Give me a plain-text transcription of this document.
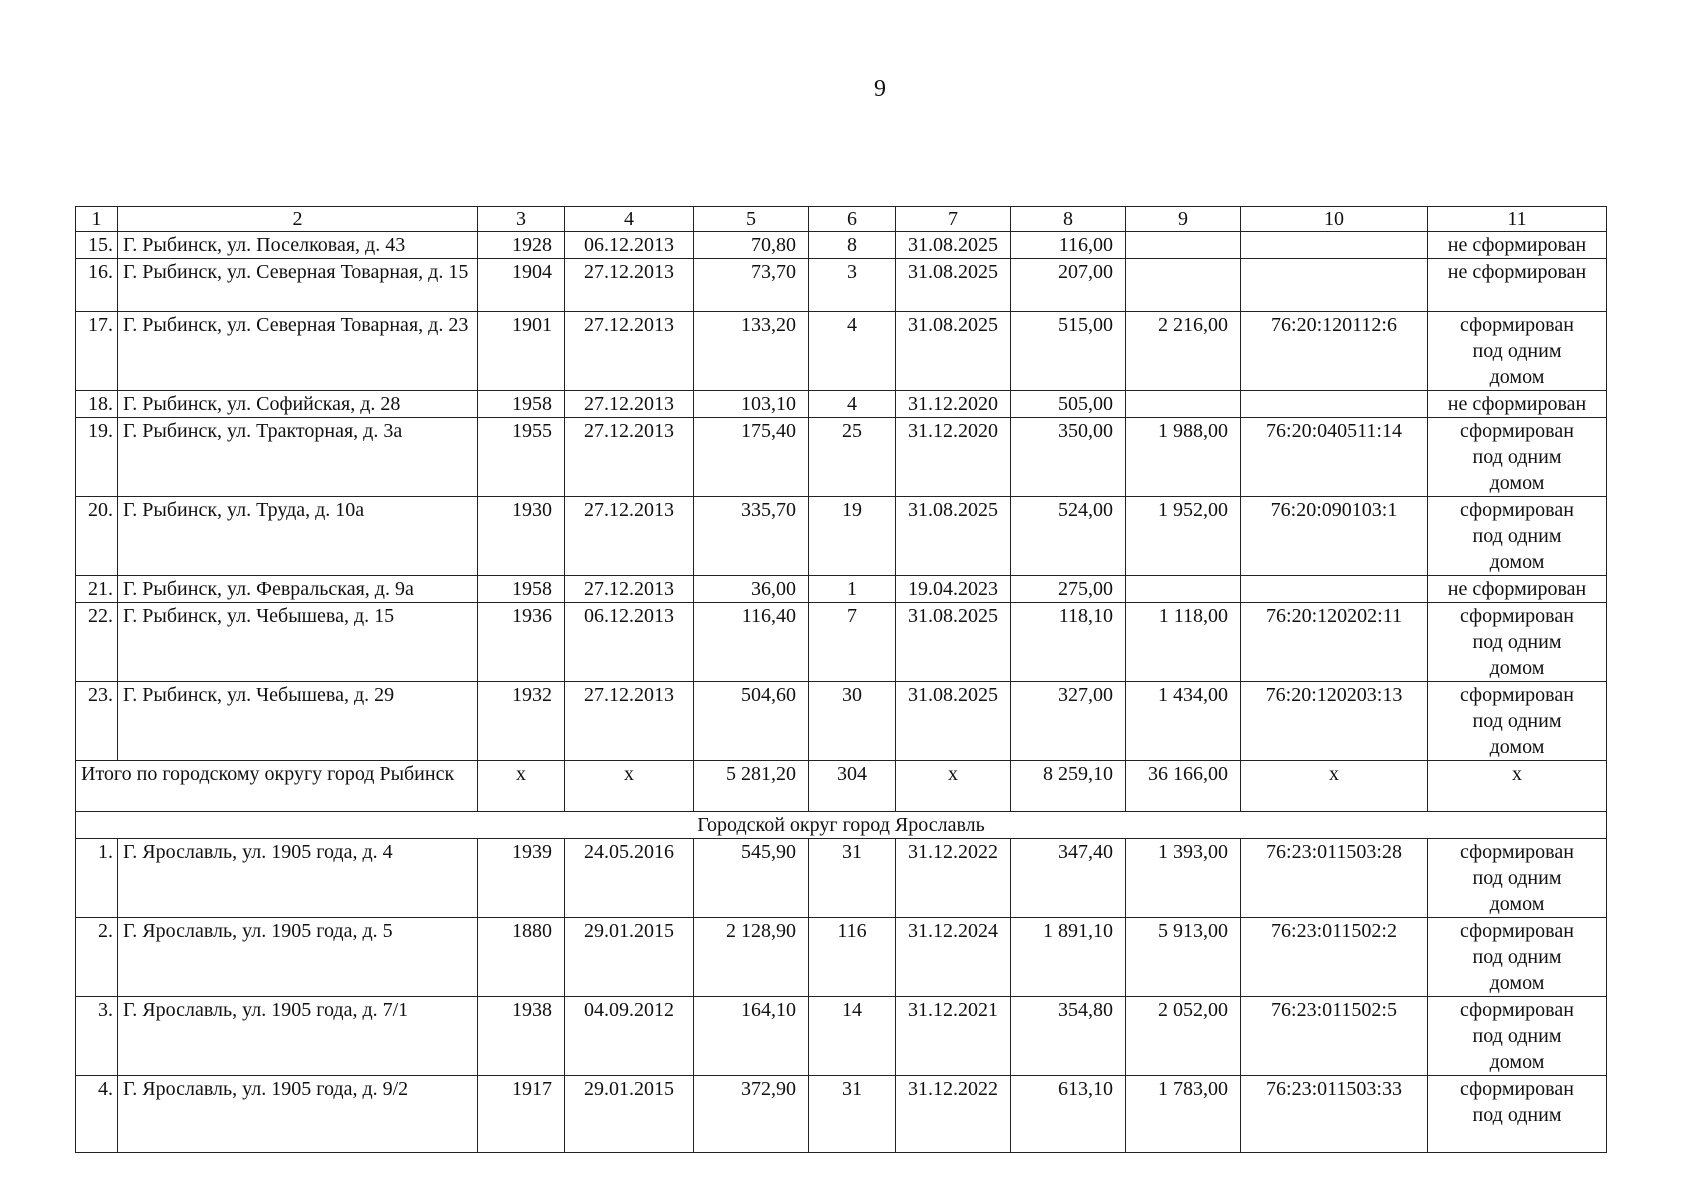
9
1	2	3	4	5	6	7	8	9	10	11
15.	Г. Рыбинск, ул. Поселковая, д. 43	1928	06.12.2013	70,80	8	31.08.2025	116,00			не сформирован

16.	Г. Рыбинск, ул. Северная Товарная, д. 15	1904	27.12.2013	73,70	3	31.08.2025	207,00			не сформирован

17.	Г. Рыбинск, ул. Северная Товарная, д. 23	1901	27.12.2013	133,20	4	31.08.2025	515,00	2 216,00	76:20:120112:6	сформирован
под одним
домом

18.	Г. Рыбинск, ул. Софийская, д. 28	1958	27.12.2013	103,10	4	31.12.2020	505,00			не сформирован

19.	Г. Рыбинск, ул. Тракторная, д. 3а	1955	27.12.2013	175,40	25	31.12.2020	350,00	1 988,00	76:20:040511:14	сформирован
под одним
домом

20.	Г. Рыбинск, ул. Труда, д. 10а	1930	27.12.2013	335,70	19	31.08.2025	524,00	1 952,00	76:20:090103:1	сформирован
под одним
домом

21.	Г. Рыбинск, ул. Февральская, д. 9а	1958	27.12.2013	36,00	1	19.04.2023	275,00			не сформирован

22.	Г. Рыбинск, ул. Чебышева, д. 15	1936	06.12.2013	116,40	7	31.08.2025	118,10	1 118,00	76:20:120202:11	сформирован
под одним
домом

23.	Г. Рыбинск, ул. Чебышева, д. 29	1932	27.12.2013	504,60	30	31.08.2025	327,00	1 434,00	76:20:120203:13	сформирован
под одним
домом

Итого по городскому округу город Рыбинск		x	x	5 281,20	304	x	8 259,10	36 166,00	x	x
Городской округ город Ярославль										
1.	Г. Ярославль, ул. 1905 года, д. 4	1939	24.05.2016	545,90	31	31.12.2022	347,40	1 393,00	76:23:011503:28	сформирован
под одним
домом

2.	Г. Ярославль, ул. 1905 года, д. 5	1880	29.01.2015	2 128,90	116	31.12.2024	1 891,10	5 913,00	76:23:011502:2	сформирован
под одним
домом

3.	Г. Ярославль, ул. 1905 года, д. 7/1	1938	04.09.2012	164,10	14	31.12.2021	354,80	2 052,00	76:23:011502:5	сформирован
под одним
домом

4.	Г. Ярославль, ул. 1905 года, д. 9/2	1917	29.01.2015	372,90	31	31.12.2022	613,10	1 783,00	76:23:011503:33	сформирован
под одним
